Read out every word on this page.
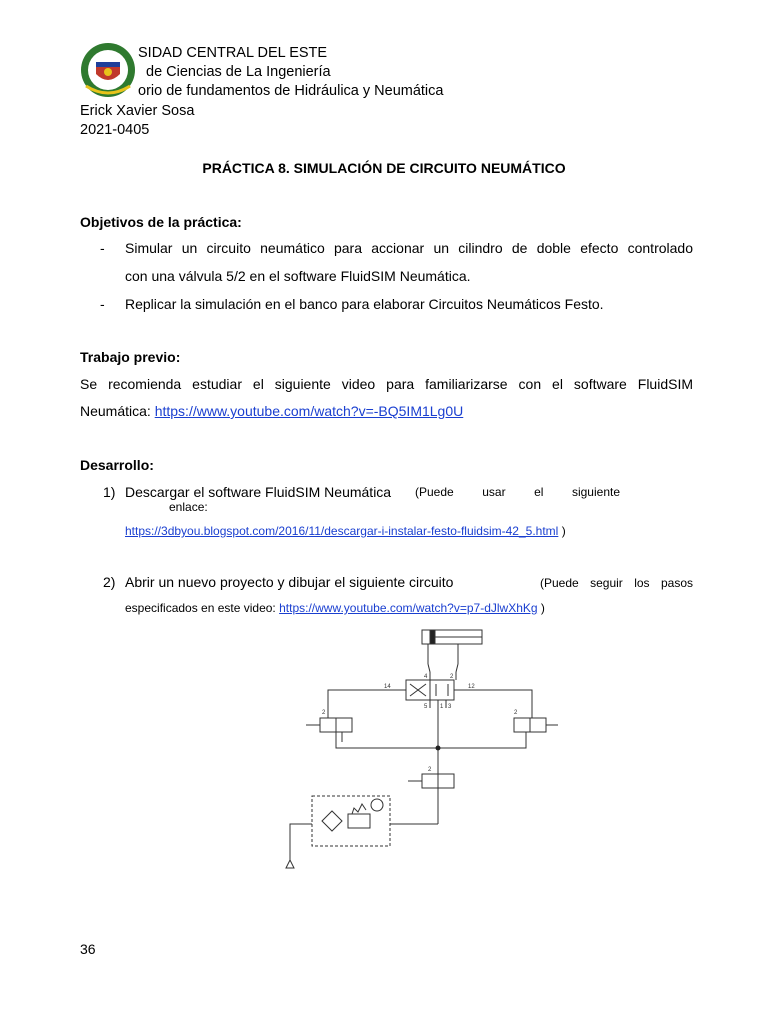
SIDAD CENTRAL DEL ESTE
de Ciencias de La Ingeniería
orio de fundamentos de Hidráulica y Neumática
Erick Xavier Sosa
2021-0405
PRÁCTICA 8. SIMULACIÓN DE CIRCUITO NEUMÁTICO
Objetivos de la práctica:
- Simular un circuito neumático para accionar un cilindro de doble efecto controlado
con una válvula 5/2 en el software FluidSIM Neumática.
- Replicar la simulación en el banco para elaborar Circuitos Neumáticos Festo.
Trabajo previo:
Se recomienda estudiar el siguiente video para familiarizarse con el software FluidSIM
Neumática: https://www.youtube.com/watch?v=-BQ5IM1Lg0U
Desarrollo:
1) Descargar el software FluidSIM Neumática (Puede usar el siguiente
enlace:
https://3dbyou.blogspot.com/2016/11/descargar-i-instalar-festo-fluidsim-42_5.html )
2) Abrir un nuevo proyecto y dibujar el siguiente circuito	(Puede seguir los pasos
especificados en este video: https://www.youtube.com/watch?v=p7-dJlwXhKg )
14	12
4	2
5 1 3
2	2
2
36
